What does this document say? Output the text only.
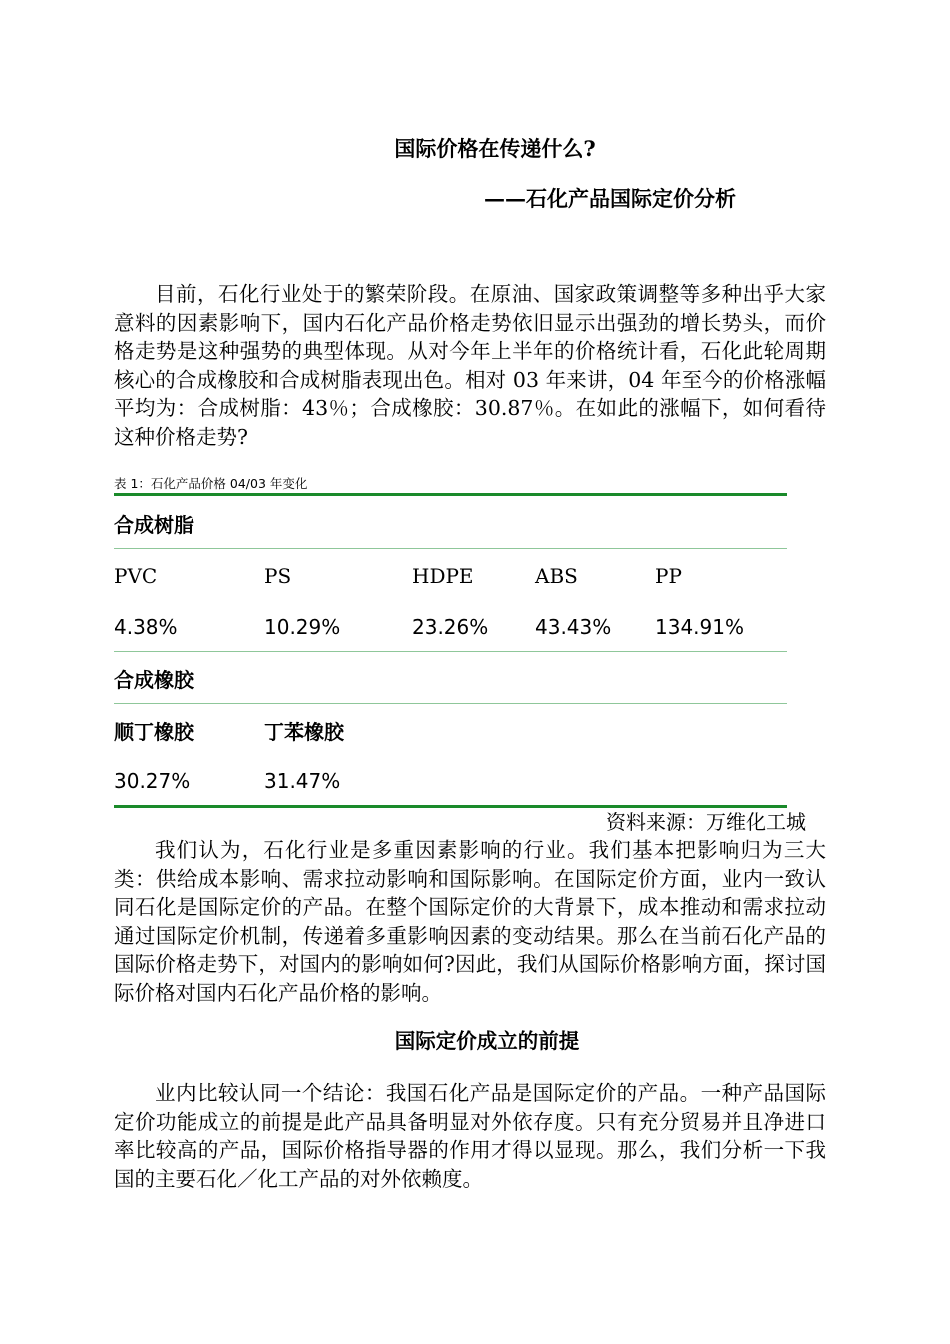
国际价格在传递什么?
——石化产品国际定价分析

目前，石化行业处于的繁荣阶段。在原油、国家政策调整等多种出乎大家意料的因素影响下，国内石化产品价格走势依旧显示出强劲的增长势头，而价格走势是这种强势的典型体现。从对今年上半年的价格统计看，石化此轮周期核心的合成橡胶和合成树脂表现出色。相对 03 年来讲，04 年至今的价格涨幅平均为：合成树脂：43％；合成橡胶：30.87％。在如此的涨幅下，如何看待这种价格走势?

表 1：石化产品价格 04/03 年变化
合成树脂
PVC	PS	HDPE	ABS	PP
4.38%	10.29%	23.26% 43.43% 134.91%
合成橡胶
顺丁橡胶	丁苯橡胶
30.27%	31.47%
资料来源：万维化工城

我们认为，石化行业是多重因素影响的行业。我们基本把影响归为三大类：供给成本影响、需求拉动影响和国际影响。在国际定价方面，业内一致认同石化是国际定价的产品。在整个国际定价的大背景下，成本推动和需求拉动通过国际定价机制，传递着多重影响因素的变动结果。那么在当前石化产品的国际价格走势下，对国内的影响如何?因此，我们从国际价格影响方面，探讨国际价格对国内石化产品价格的影响。

国际定价成立的前提

业内比较认同一个结论：我国石化产品是国际定价的产品。一种产品国际定价功能成立的前提是此产品具备明显对外依存度。只有充分贸易并且净进口率比较高的产品，国际价格指导器的作用才得以显现。那么，我们分析一下我国的主要石化／化工产品的对外依赖度。
